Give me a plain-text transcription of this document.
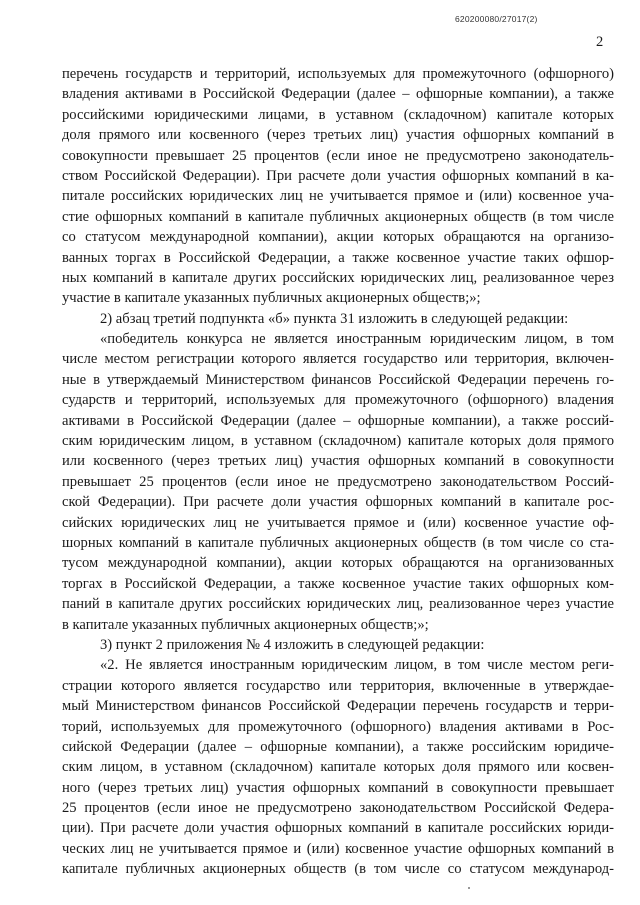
620200080/27017(2)
2
перечень государств и территорий, используемых для промежуточного (офшорного)
владения активами в Российской Федерации (далее – офшорные компании), а также
российскими юридическими лицами, в уставном (складочном) капитале которых
доля прямого или косвенного (через третьих лиц) участия офшорных компаний в
совокупности превышает 25 процентов (если иное не предусмотрено законодатель-
ством Российской Федерации). При расчете доли участия офшорных компаний в ка-
питале российских юридических лиц не учитывается прямое и (или) косвенное уча-
стие офшорных компаний в капитале публичных акционерных обществ (в том числе
со статусом международной компании), акции которых обращаются на организо-
ванных торгах в Российской Федерации, а также косвенное участие таких офшор-
ных компаний в капитале других российских юридических лиц, реализованное через
участие в капитале указанных публичных акционерных обществ;»;
2) абзац третий подпункта «б» пункта 31 изложить в следующей редакции:
«победитель конкурса не является иностранным юридическим лицом, в том
числе местом регистрации которого является государство или территория, включен-
ные в утверждаемый Министерством финансов Российской Федерации перечень го-
сударств и территорий, используемых для промежуточного (офшорного) владения
активами в Российской Федерации (далее – офшорные компании), а также россий-
ским юридическим лицом, в уставном (складочном) капитале которых доля прямого
или косвенного (через третьих лиц) участия офшорных компаний в совокупности
превышает 25 процентов (если иное не предусмотрено законодательством Россий-
ской Федерации). При расчете доли участия офшорных компаний в капитале рос-
сийских юридических лиц не учитывается прямое и (или) косвенное участие оф-
шорных компаний в капитале публичных акционерных обществ (в том числе со ста-
тусом международной компании), акции которых обращаются на организованных
торгах в Российской Федерации, а также косвенное участие таких офшорных ком-
паний в капитале других российских юридических лиц, реализованное через участие
в капитале указанных публичных акционерных обществ;»;
3) пункт 2 приложения № 4 изложить в следующей редакции:
«2. Не является иностранным юридическим лицом, в том числе местом реги-
страции которого является государство или территория, включенные в утверждае-
мый Министерством финансов Российской Федерации перечень государств и терри-
торий, используемых для промежуточного (офшорного) владения активами в Рос-
сийской Федерации (далее – офшорные компании), а также российским юридиче-
ским лицом, в уставном (складочном) капитале которых доля прямого или косвен-
ного (через третьих лиц) участия офшорных компаний в совокупности превышает
25 процентов (если иное не предусмотрено законодательством Российской Федера-
ции). При расчете доли участия офшорных компаний в капитале российских юриди-
ческих лиц не учитывается прямое и (или) косвенное участие офшорных компаний в
капитале публичных акционерных обществ (в том числе со статусом международ-
